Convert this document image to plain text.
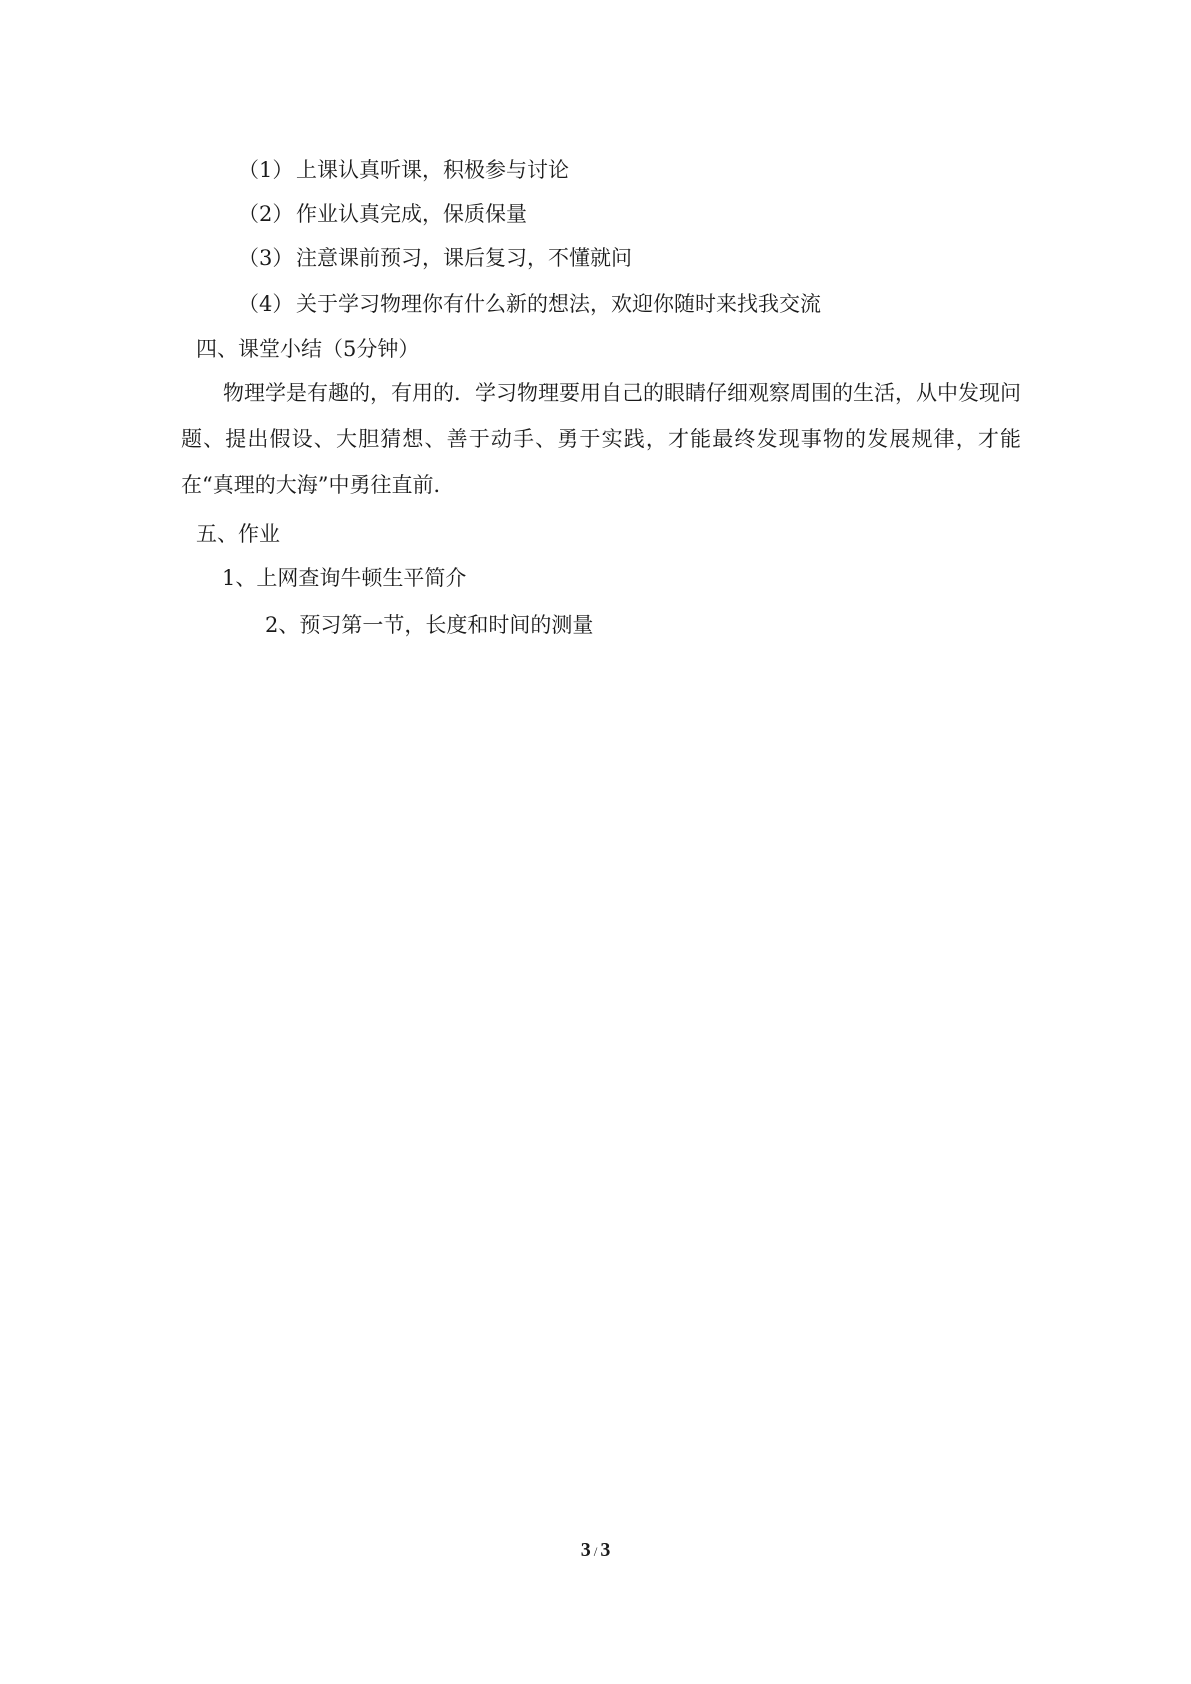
（1） 上课认真听课，积极参与讨论
（2） 作业认真完成，保质保量
（3） 注意课前预习，课后复习，不懂就问
（4） 关于学习物理你有什么新的想法，欢迎你随时来找我交流
四、课堂小结（5分钟）
物理学是有趣的，有用的．学习物理要用自己的眼睛仔细观察周围的生活，从中发现问题、提出假设、大胆猜想、善于动手、勇于实践，才能最终发现事物的发展规律，才能在“真理的大海”中勇往直前．
五、作业
1、上网查询牛顿生平简介
2、预习第一节，长度和时间的测量
3 / 3
